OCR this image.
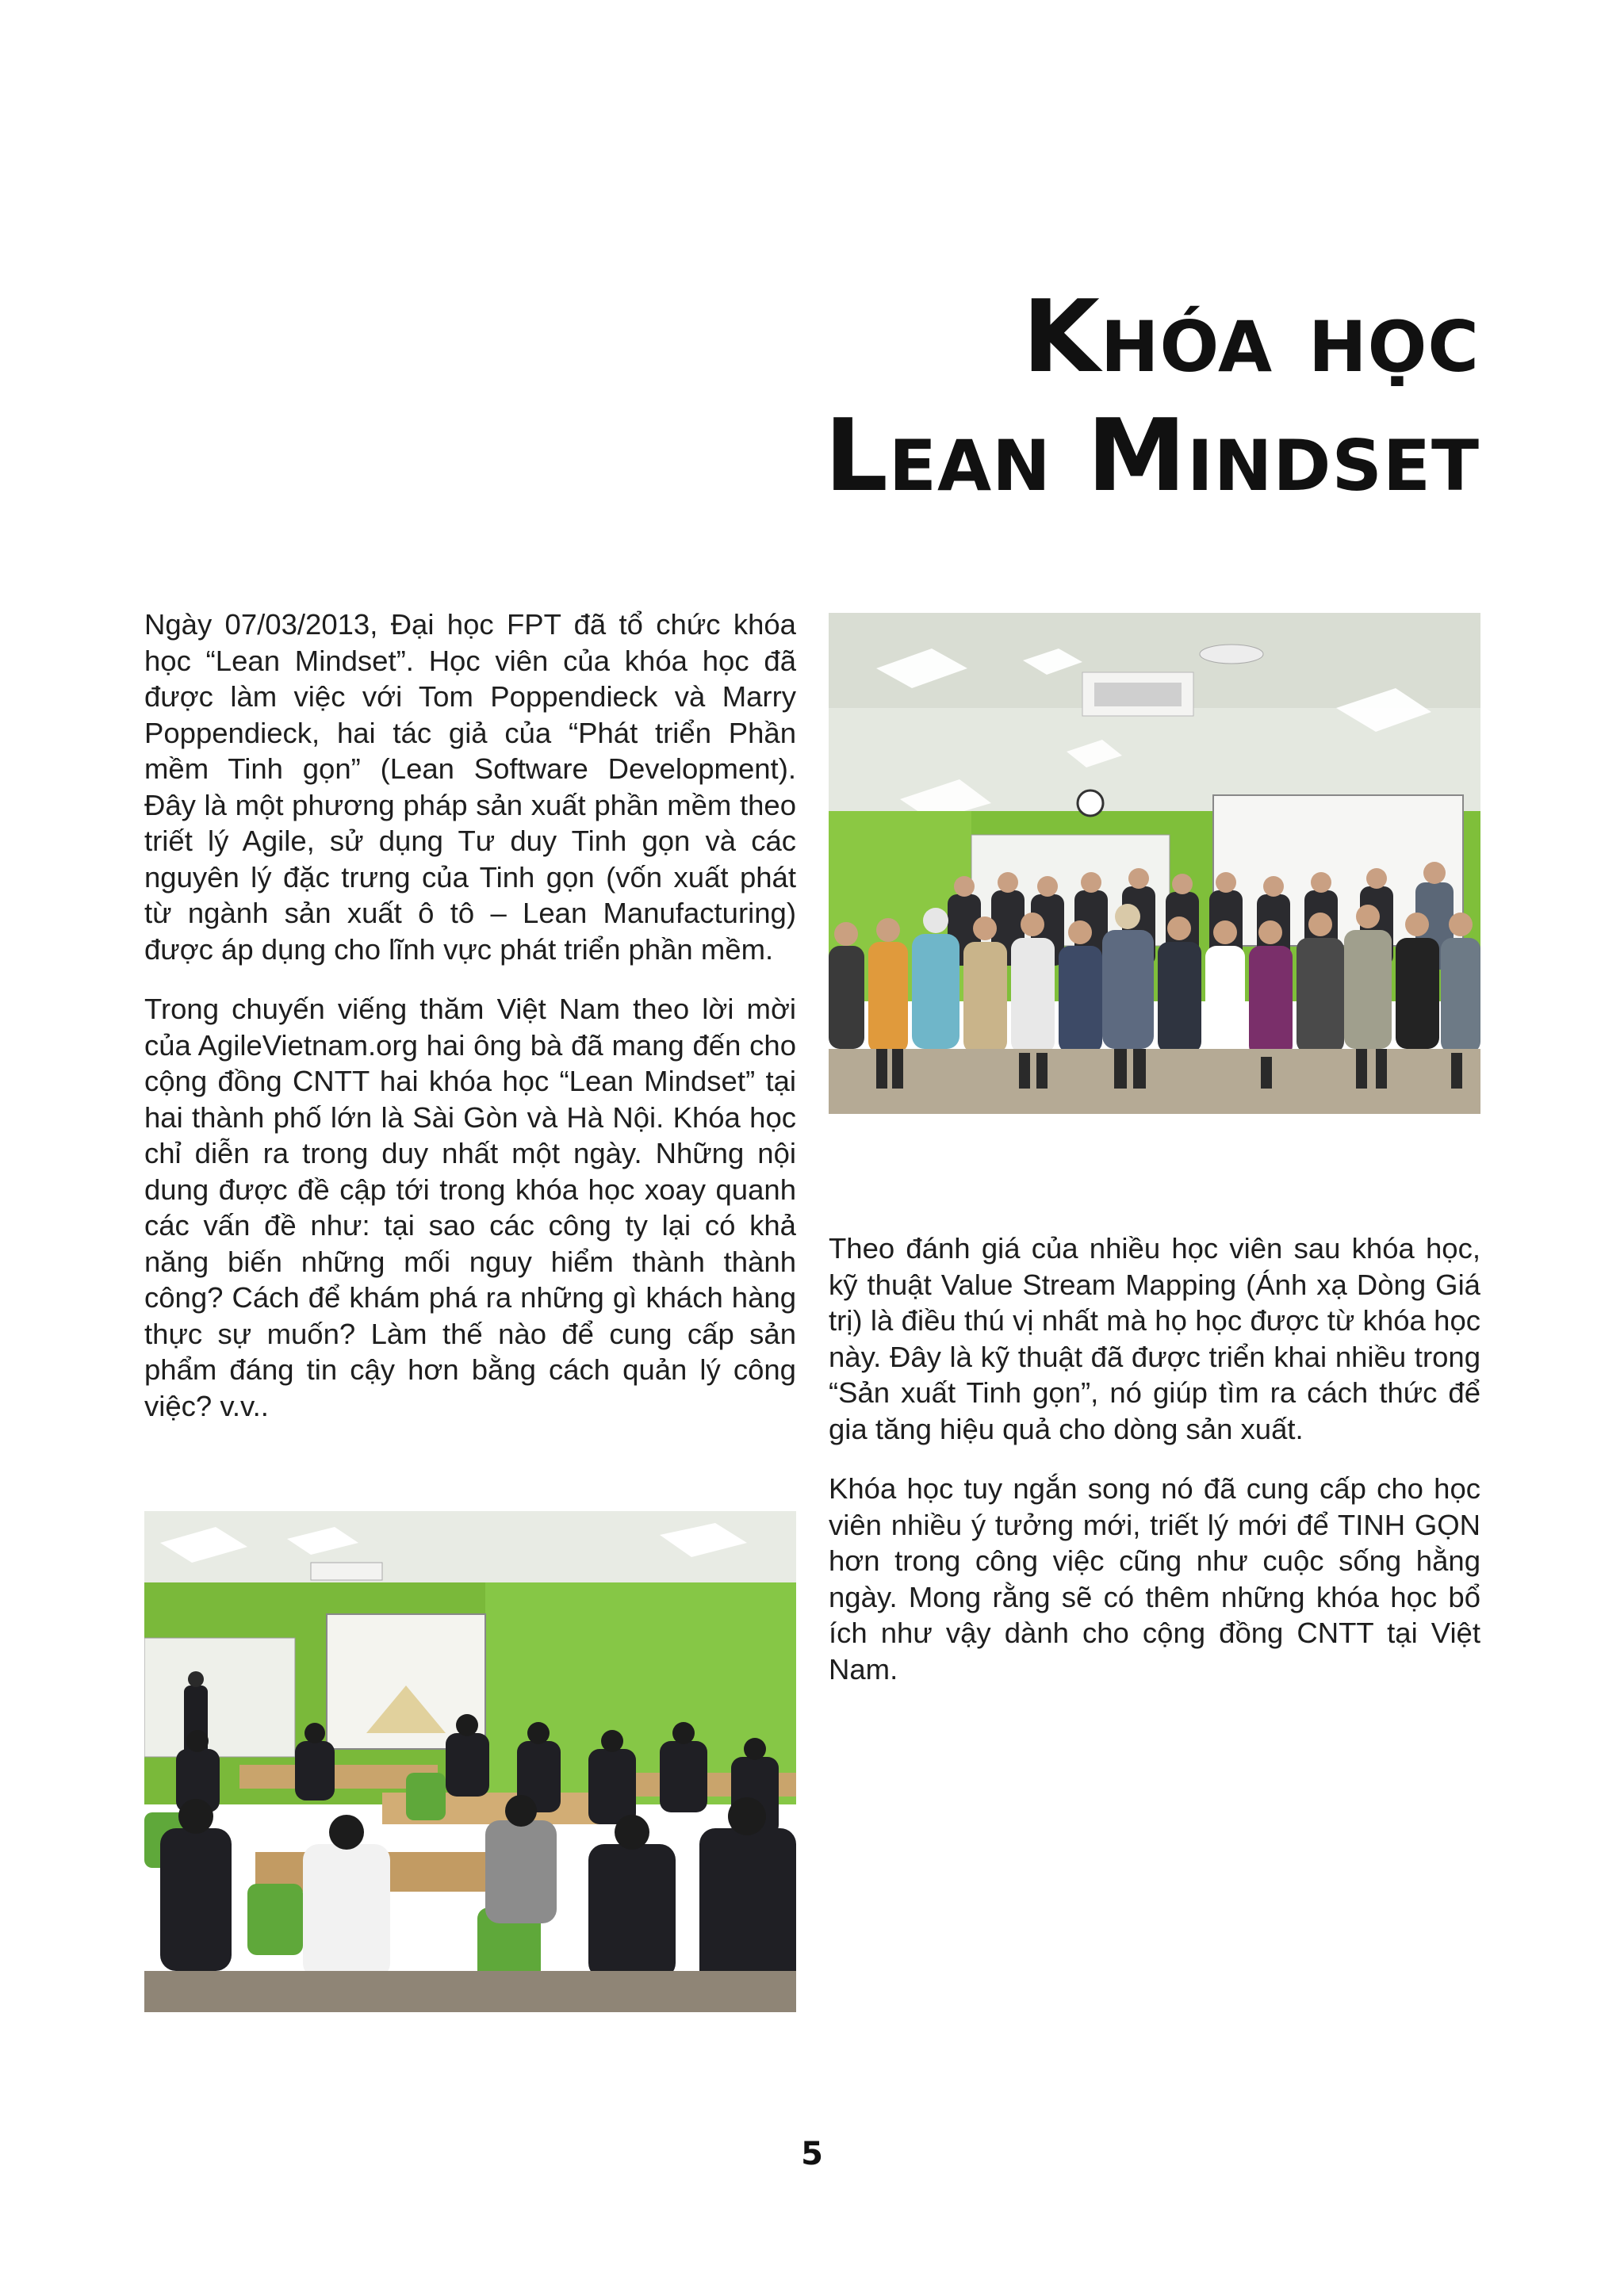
Khóa học
Lean Mindset

Ngày 07/03/2013, Đại học FPT đã tổ chức khóa học “Lean Mindset”. Học viên của khóa học đã được làm việc với Tom Poppendieck và Marry Poppendieck, hai tác giả của “Phát triển Phần mềm Tinh gọn” (Lean Software Development). Đây là một phương pháp sản xuất phần mềm theo triết lý Agile, sử dụng Tư duy Tinh gọn và các nguyên lý đặc trưng của Tinh gọn (vốn xuất phát từ ngành sản xuất ô tô – Lean Manufacturing) được áp dụng cho lĩnh vực phát triển phần mềm.

Trong chuyến viếng thăm Việt Nam theo lời mời của AgileVietnam.org hai ông bà đã mang đến cho cộng đồng CNTT hai khóa học “Lean Mindset” tại hai thành phố lớn là Sài Gòn và Hà Nội. Khóa học chỉ diễn ra trong duy nhất một ngày. Những nội dung được đề cập tới trong khóa học xoay quanh các vấn đề như: tại sao các công ty lại có khả năng biến những mối nguy hiểm thành thành công? Cách để khám phá ra những gì khách hàng thực sự muốn? Làm thế nào để cung cấp sản phẩm đáng tin cậy hơn bằng cách quản lý công việc? v.v..

Theo đánh giá của nhiều học viên sau khóa học, kỹ thuật Value Stream Mapping (Ánh xạ Dòng Giá trị) là điều thú vị nhất mà họ học được từ khóa học này. Đây là kỹ thuật đã được triển khai nhiều trong “Sản xuất Tinh gọn”, nó giúp tìm ra cách thức để gia tăng hiệu quả cho dòng sản xuất.

Khóa học tuy ngắn song nó đã cung cấp cho học viên nhiều ý tưởng mới, triết lý mới để TINH GỌN hơn trong công việc cũng như cuộc sống hằng ngày. Mong rằng sẽ có thêm những khóa học bổ ích như vậy dành cho cộng đồng CNTT tại Việt Nam.

5
